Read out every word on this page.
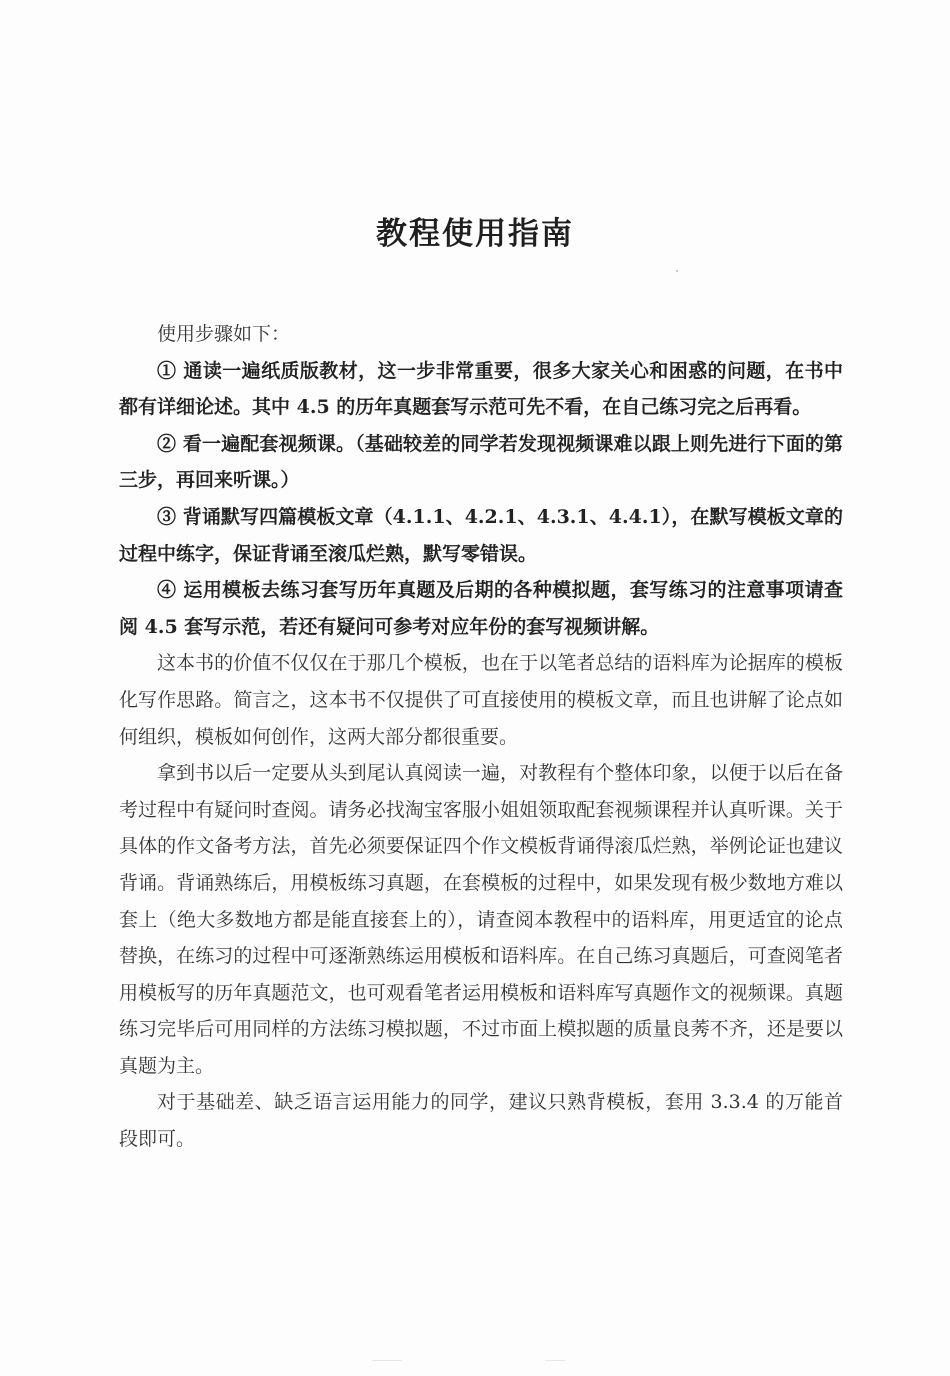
教程使用指南

使用步骤如下：

① 通读一遍纸质版教材，这一步非常重要，很多大家关心和困惑的问题，在书中都有详细论述。其中 4.5 的历年真题套写示范可先不看，在自己练习完之后再看。

② 看一遍配套视频课。（基础较差的同学若发现视频课难以跟上则先进行下面的第三步，再回来听课。）

③ 背诵默写四篇模板文章（4.1.1、4.2.1、4.3.1、4.4.1），在默写模板文章的过程中练字，保证背诵至滚瓜烂熟，默写零错误。

④ 运用模板去练习套写历年真题及后期的各种模拟题，套写练习的注意事项请查阅 4.5 套写示范，若还有疑问可参考对应年份的套写视频讲解。

这本书的价值不仅仅在于那几个模板，也在于以笔者总结的语料库为论据库的模板化写作思路。简言之，这本书不仅提供了可直接使用的模板文章，而且也讲解了论点如何组织，模板如何创作，这两大部分都很重要。

拿到书以后一定要从头到尾认真阅读一遍，对教程有个整体印象，以便于以后在备考过程中有疑问时查阅。请务必找淘宝客服小姐姐领取配套视频课程并认真听课。关于具体的作文备考方法，首先必须要保证四个作文模板背诵得滚瓜烂熟，举例论证也建议背诵。背诵熟练后，用模板练习真题，在套模板的过程中，如果发现有极少数地方难以套上（绝大多数地方都是能直接套上的），请查阅本教程中的语料库，用更适宜的论点替换，在练习的过程中可逐渐熟练运用模板和语料库。在自己练习真题后，可查阅笔者用模板写的历年真题范文，也可观看笔者运用模板和语料库写真题作文的视频课。真题练习完毕后可用同样的方法练习模拟题，不过市面上模拟题的质量良莠不齐，还是要以真题为主。

对于基础差、缺乏语言运用能力的同学，建议只熟背模板，套用 3.3.4 的万能首段即可。
